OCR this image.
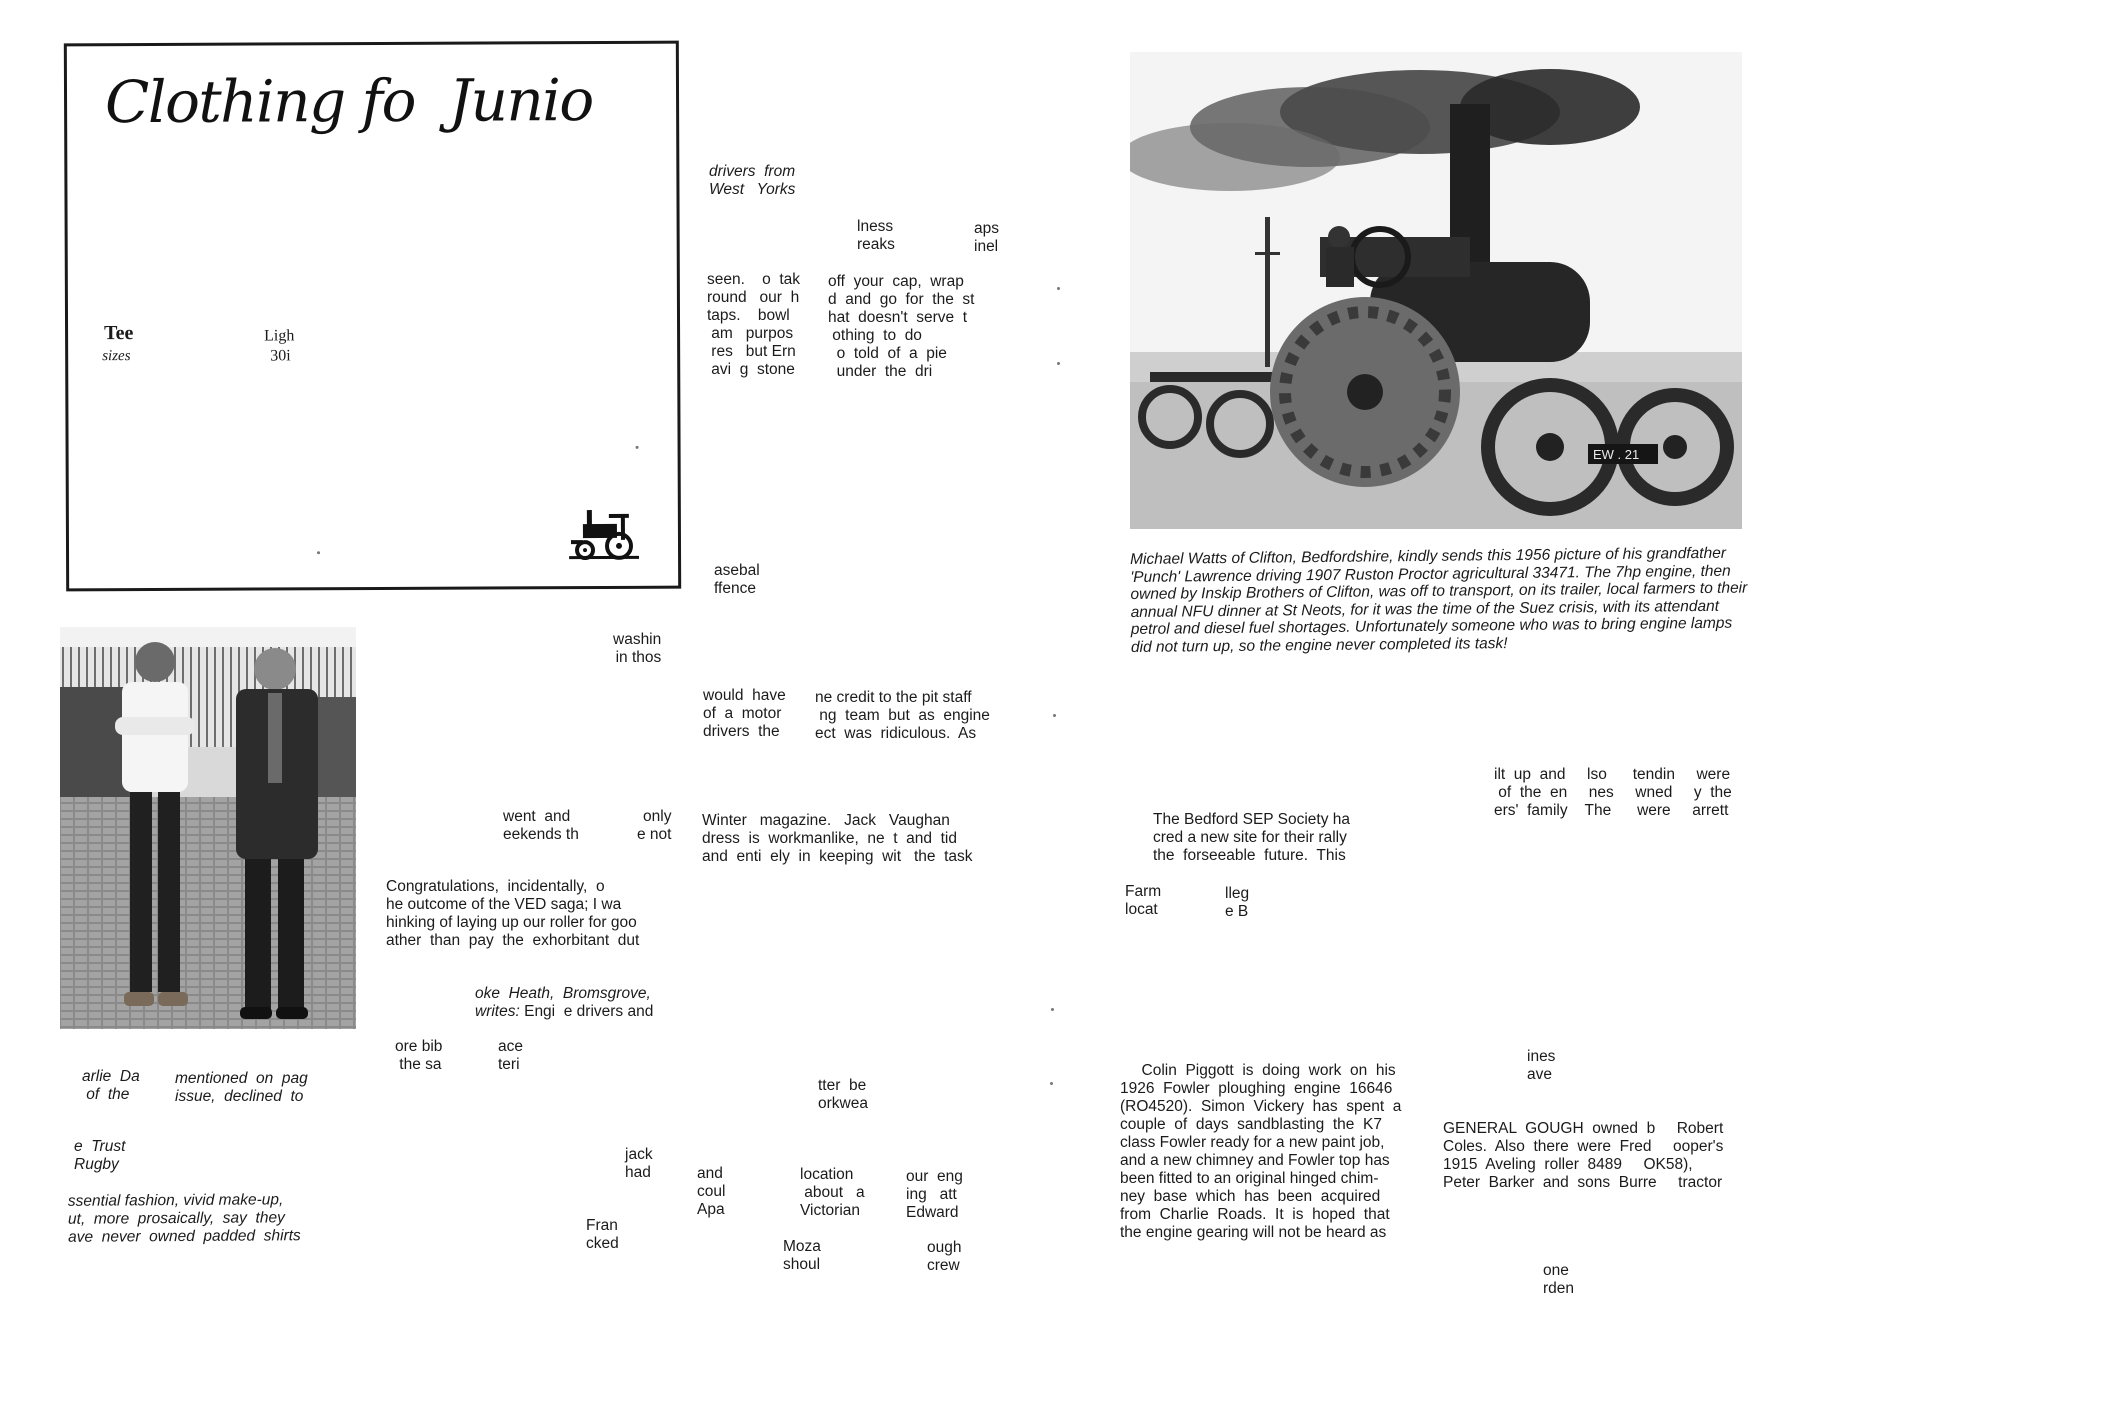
Clothing fo  Junio
Tee
sizes
Ligh
30i
EW . 21
Michael Watts of Clifton, Bedfordshire, kindly sends this 1956 picture of his grandfather 'Punch' Lawrence driving 1907 Ruston Proctor agricultural 33471. The 7hp engine, then owned by Inskip Brothers of Clifton, was off to transport, on its trailer, local farmers to their annual NFU dinner at St Neots, for it was the time of the Suez crisis, with its attendant petrol and diesel fuel shortages. Unfortunately someone who was to bring engine lamps did not turn up, so the engine never completed its task!
arlie  Da
of  the
mentioned  on  pag
issue,  declined  to
e  Trust
Rugby
ssential fashion, vivid make-up,
ut,  more  prosaically,  say  they
ave  never  owned  padded  shirts
washin
in thos
went  and
eekends th
only
e not
Congratulations,  incidentally,  o
he outcome of the VED saga; I wa
hinking of laying up our roller for goo
ather  than  pay  the  exhorbitant  dut
oke  Heath,  Bromsgrove,
writes: Engi  e drivers and
ore bib
the sa
ace
teri
jack
had
Fran
cked
drivers  from
West   Yorks
lness
reaks
aps
inel
seen.    o  tak
round   our  h
taps.    bowl
am   purpos
res   but Ern
avi  g  stone
off  your  cap,  wrap
d  and  go  for  the  st
hat  doesn't  serve  t
othing  to  do
o  told  of  a  pie
under  the  dri
asebal
ffence
would  have
of  a  motor
drivers  the
ne credit to the pit staff
ng  team  but  as  engine
ect  was  ridiculous.  As
Winter   magazine.   Jack   Vaughan
dress  is  workmanlike,  ne  t  and  tid
and  enti  ely  in  keeping  wit   the  task
tter  be
orkwea
and
coul
Apa
location
about   a
Victorian
our  eng
ing   att
Edward
Moza
shoul
ough
crew
The Bedford SEP Society ha
cred a new site for their rally
the  forseeable  future.  This
Farm
locat
lleg
e B
Colin  Piggott  is  doing  work  on  his
1926  Fowler  ploughing  engine  16646
(RO4520).  Simon  Vickery  has  spent  a
couple  of  days  sandblasting  the  K7
class Fowler ready for a new paint job,
and a new chimney and Fowler top has
been fitted to an original hinged chim-
ney  base  which  has  been  acquired
from  Charlie  Roads.  It  is  hoped  that
the engine gearing will not be heard as
ilt  up  and     lso      tendin     were
of  the  en     nes     wned     y  the
ers'  family    The      were     arrett
ines
ave
GENERAL  GOUGH  owned  b     Robert
Coles.  Also  there  were  Fred     ooper's
1915  Aveling  roller  8489     OK58),
Peter  Barker  and  sons  Burre     tractor
one
rden
